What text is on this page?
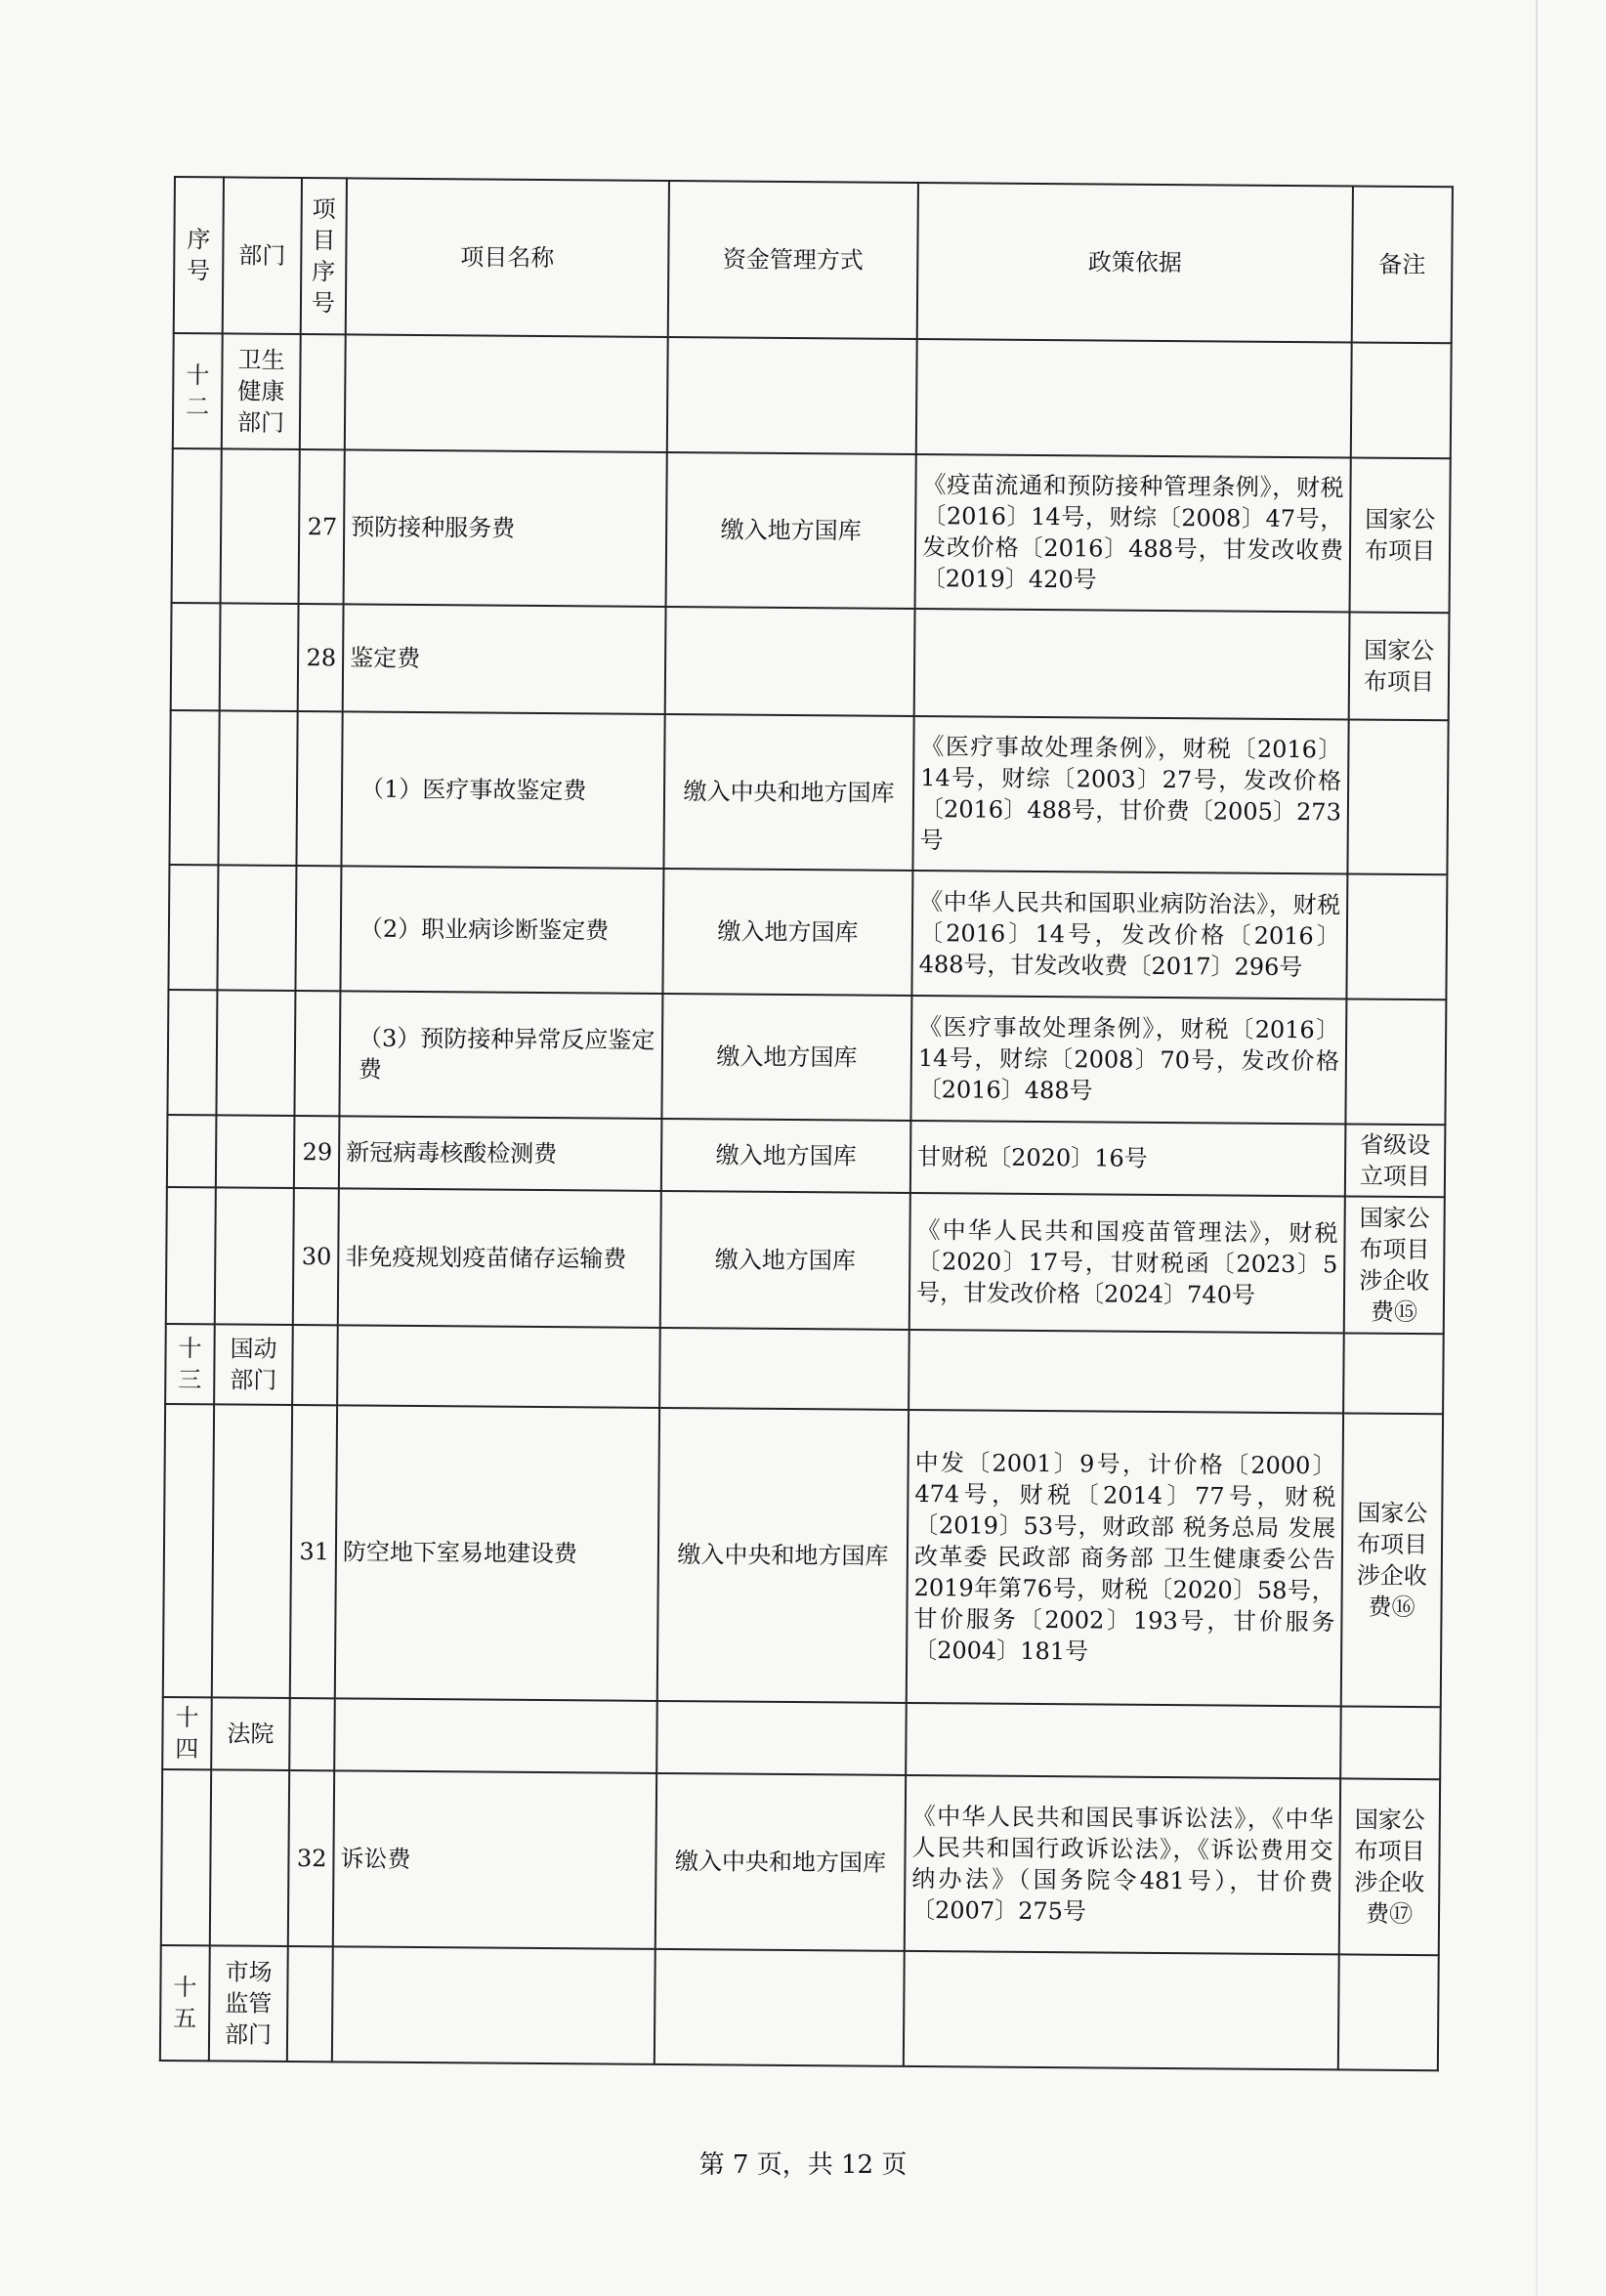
序号	部门	项目序号	项目名称	资金管理方式	政策依据	备注
十二	卫生健康部门					
		27	预防接种服务费	缴入地方国库	《疫苗流通和预防接种管理条例》，财税〔2016〕14号，财综〔2008〕47号，发改价格〔2016〕488号，甘发改收费〔2019〕420号	国家公布项目
		28	鉴定费			国家公布项目
			（1）医疗事故鉴定费	缴入中央和地方国库	《医疗事故处理条例》，财税〔2016〕14号，财综〔2003〕27号，发改价格〔2016〕488号，甘价费〔2005〕273号	
			（2）职业病诊断鉴定费	缴入地方国库	《中华人民共和国职业病防治法》，财税〔2016〕14号，发改价格〔2016〕488号，甘发改收费〔2017〕296号	
			（3）预防接种异常反应鉴定费	缴入地方国库	《医疗事故处理条例》，财税〔2016〕14号，财综〔2008〕70号，发改价格〔2016〕488号	
		29	新冠病毒核酸检测费	缴入地方国库	甘财税〔2020〕16号	省级设立项目
		30	非免疫规划疫苗储存运输费	缴入地方国库	《中华人民共和国疫苗管理法》，财税〔2020〕17号，甘财税函〔2023〕5号，甘发改价格〔2024〕740号	国家公布项目涉企收费⑮
十三	国动部门					
		31	防空地下室易地建设费	缴入中央和地方国库	中发〔2001〕9号，计价格〔2000〕474号，财税〔2014〕77号，财税〔2019〕53号，财政部 税务总局 发展改革委 民政部 商务部 卫生健康委公告2019年第76号，财税〔2020〕58号，甘价服务〔2002〕193号，甘价服务〔2004〕181号	国家公布项目涉企收费⑯
十四	法院					
		32	诉讼费	缴入中央和地方国库	《中华人民共和国民事诉讼法》，《中华人民共和国行政诉讼法》，《诉讼费用交纳办法》（国务院令481号），甘价费〔2007〕275号	国家公布项目涉企收费⑰
十五	市场监管部门					
第 7 页，共 12 页
